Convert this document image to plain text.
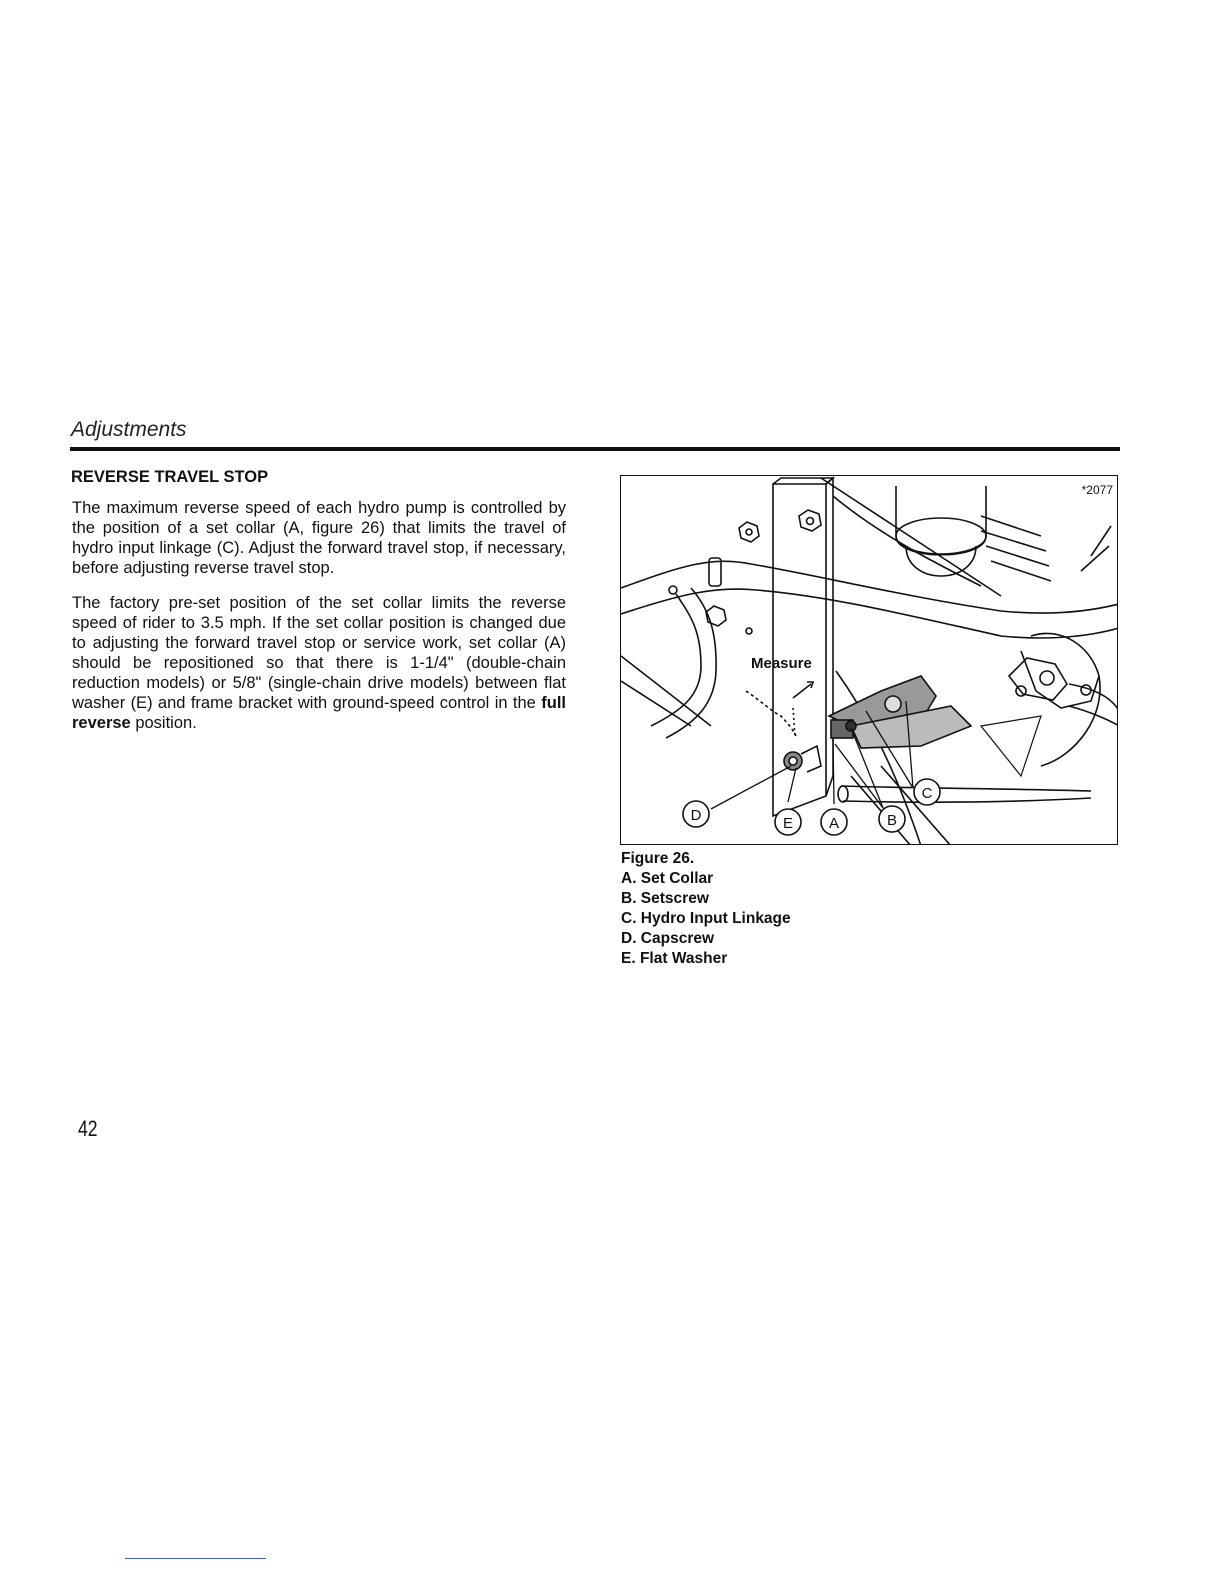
Adjustments
REVERSE TRAVEL STOP
The maximum reverse speed of each hydro pump is controlled by the position of a set collar (A, figure 26) that limits the travel of hydro input linkage (C). Adjust the forward travel stop, if necessary, before adjusting reverse travel stop.
The factory pre-set position of the set collar limits the reverse speed of rider to 3.5 mph. If the set collar position is changed due to adjusting the forward travel stop or service work, set collar (A) should be repositioned so that there is 1-1/4" (double-chain reduction models) or 5/8" (single-chain drive models) between flat washer (E) and frame bracket with ground-speed control in the full reverse position.
D	E A	B
C
*2077
Measure
Figure 26.
A. Set Collar
B. Setscrew
C. Hydro Input Linkage
D. Capscrew
E. Flat Washer
42
